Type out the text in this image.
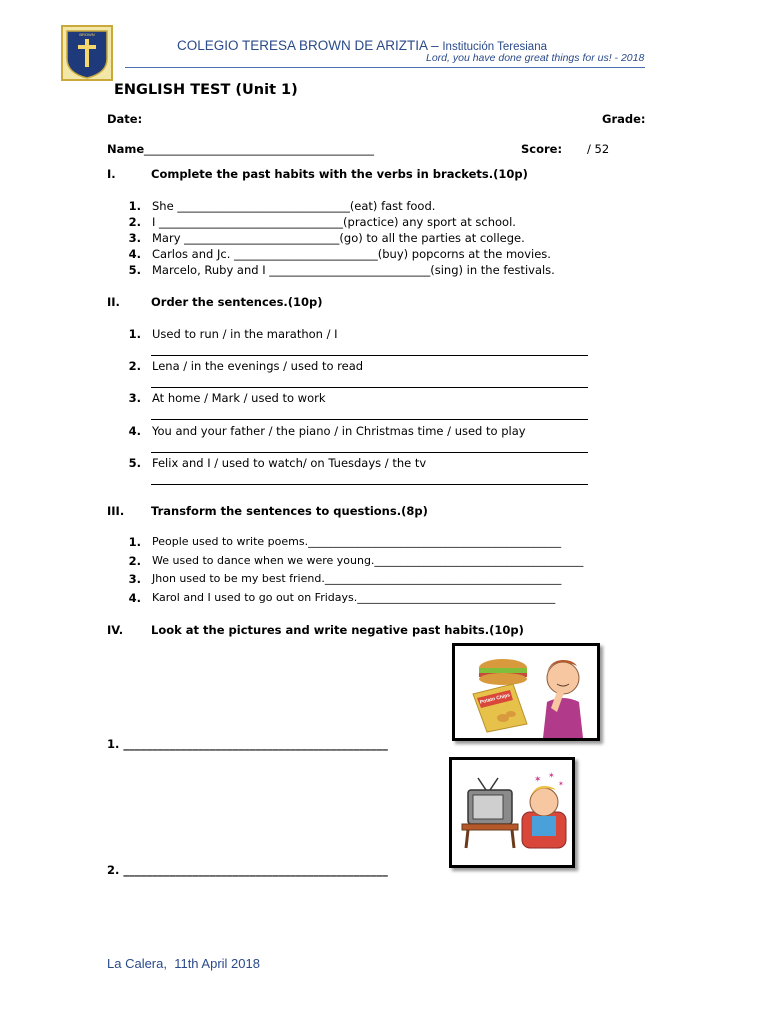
BROWN
COLEGIO TERESA BROWN DE ARIZTIA – Institución Teresiana
Lord, you have done great things for us! - 2018
ENGLISH TEST (Unit 1)
Date:	Grade:
Name ________________________________________	Score: / 52
I.	Complete the past habits with the verbs in brackets.(10p)
1. She ______________________________(eat) fast food.
2. I ________________________________(practice) any sport at school.
3. Mary ___________________________(go) to all the parties at college.
4. Carlos and Jc. _________________________(buy) popcorns at the movies.
5. Marcelo, Ruby and I ____________________________(sing) in the festivals.
II.	Order the sentences.(10p)
1. Used to run / in the marathon / I
2. Lena / in the evenings / used to read
3. At home / Mark / used to work
4. You and your father / the piano / in Christmas time / used to play
5. Felix and I / used to watch/ on Tuesdays / the tv
III. Transform the sentences to questions.(8p)
1. People used to write poems.______________________________________________
2. We used to dance when we were young.______________________________________
3. Jhon used to be my best friend.___________________________________________
4. Karol and I used to go out on Fridays.____________________________________
IV. Look at the pictures and write negative past habits.(10p)
Potato Chips
✶ ✶
✶
1. ______________________________________________
2. ______________________________________________
La Calera,  11th April 2018
